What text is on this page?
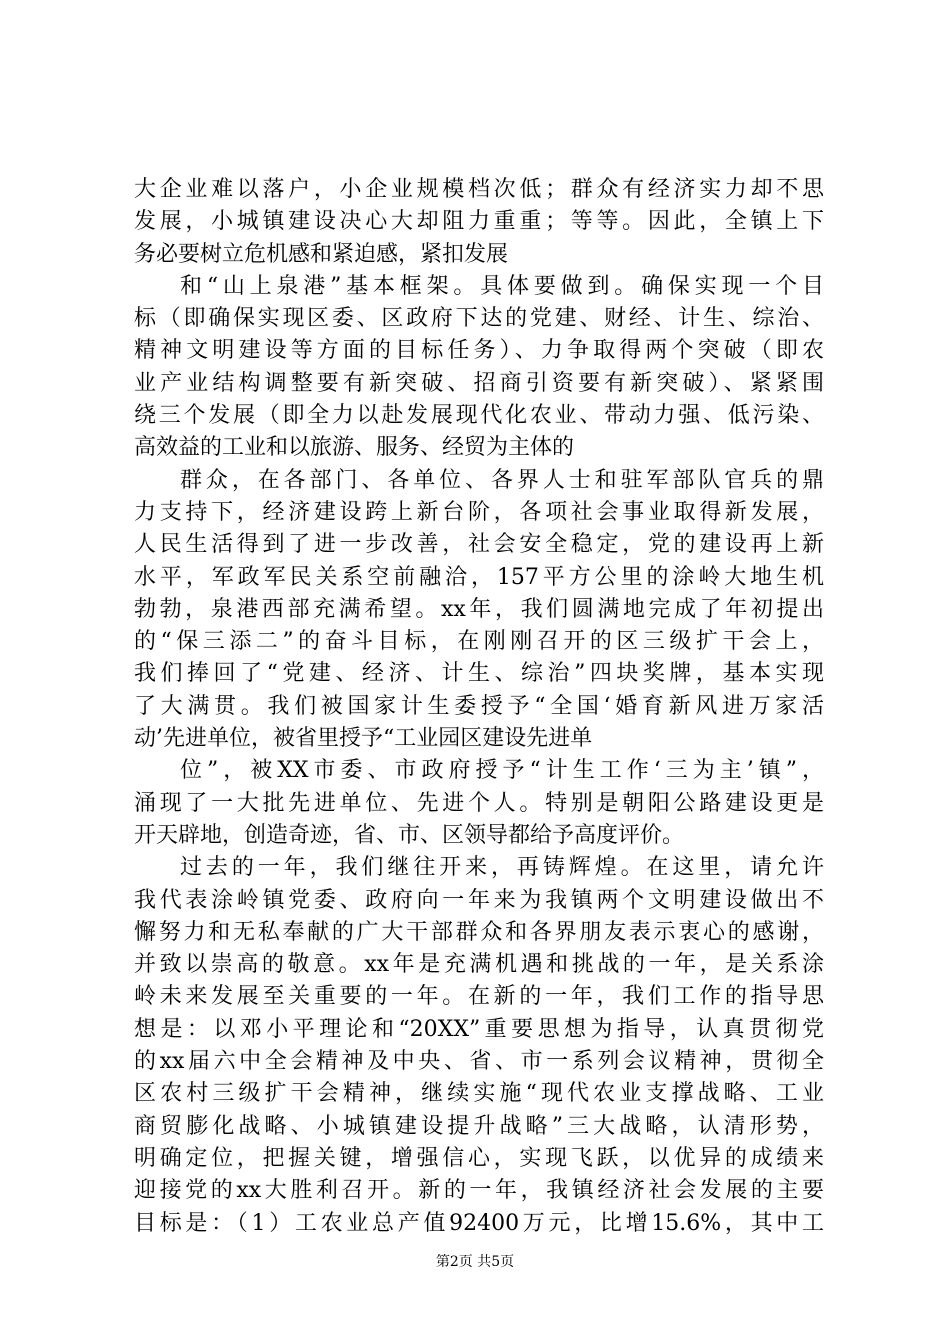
大企业难以落户，小企业规模档次低；群众有经济实力却不思
发展，小城镇建设决心大却阻力重重；等等。因此，全镇上下
务必要树立危机感和紧迫感，紧扣发展
和“山上泉港”基本框架。具体要做到。确保实现一个目
标（即确保实现区委、区政府下达的党建、财经、计生、综治、
精神文明建设等方面的目标任务）、力争取得两个突破（即农
业产业结构调整要有新突破、招商引资要有新突破）、紧紧围
绕三个发展（即全力以赴发展现代化农业、带动力强、低污染、
高效益的工业和以旅游、服务、经贸为主体的
群众，在各部门、各单位、各界人士和驻军部队官兵的鼎
力支持下，经济建设跨上新台阶，各项社会事业取得新发展，
人民生活得到了进一步改善，社会安全稳定，党的建设再上新
水平，军政军民关系空前融洽，157平方公里的涂岭大地生机
勃勃，泉港西部充满希望。xx年，我们圆满地完成了年初提出
的“保三添二”的奋斗目标，在刚刚召开的区三级扩干会上，
我们捧回了“党建、经济、计生、综治”四块奖牌，基本实现
了大满贯。我们被国家计生委授予“全国‘婚育新风进万家活
动’先进单位，被省里授予“工业园区建设先进单
位”，被XX市委、市政府授予“计生工作‘三为主’镇”，
涌现了一大批先进单位、先进个人。特别是朝阳公路建设更是
开天辟地，创造奇迹，省、市、区领导都给予高度评价。
过去的一年，我们继往开来，再铸辉煌。在这里，请允许
我代表涂岭镇党委、政府向一年来为我镇两个文明建设做出不
懈努力和无私奉献的广大干部群众和各界朋友表示衷心的感谢，
并致以崇高的敬意。xx年是充满机遇和挑战的一年，是关系涂
岭未来发展至关重要的一年。在新的一年，我们工作的指导思
想是：以邓小平理论和“20XX”重要思想为指导，认真贯彻党
的xx届六中全会精神及中央、省、市一系列会议精神，贯彻全
区农村三级扩干会精神，继续实施“现代农业支撑战略、工业
商贸膨化战略、小城镇建设提升战略”三大战略，认清形势，
明确定位，把握关键，增强信心，实现飞跃，以优异的成绩来
迎接党的xx大胜利召开。新的一年，我镇经济社会发展的主要
目标是：（1）工农业总产值92400万元，比增15.6%，其中工
第2页 共5页
